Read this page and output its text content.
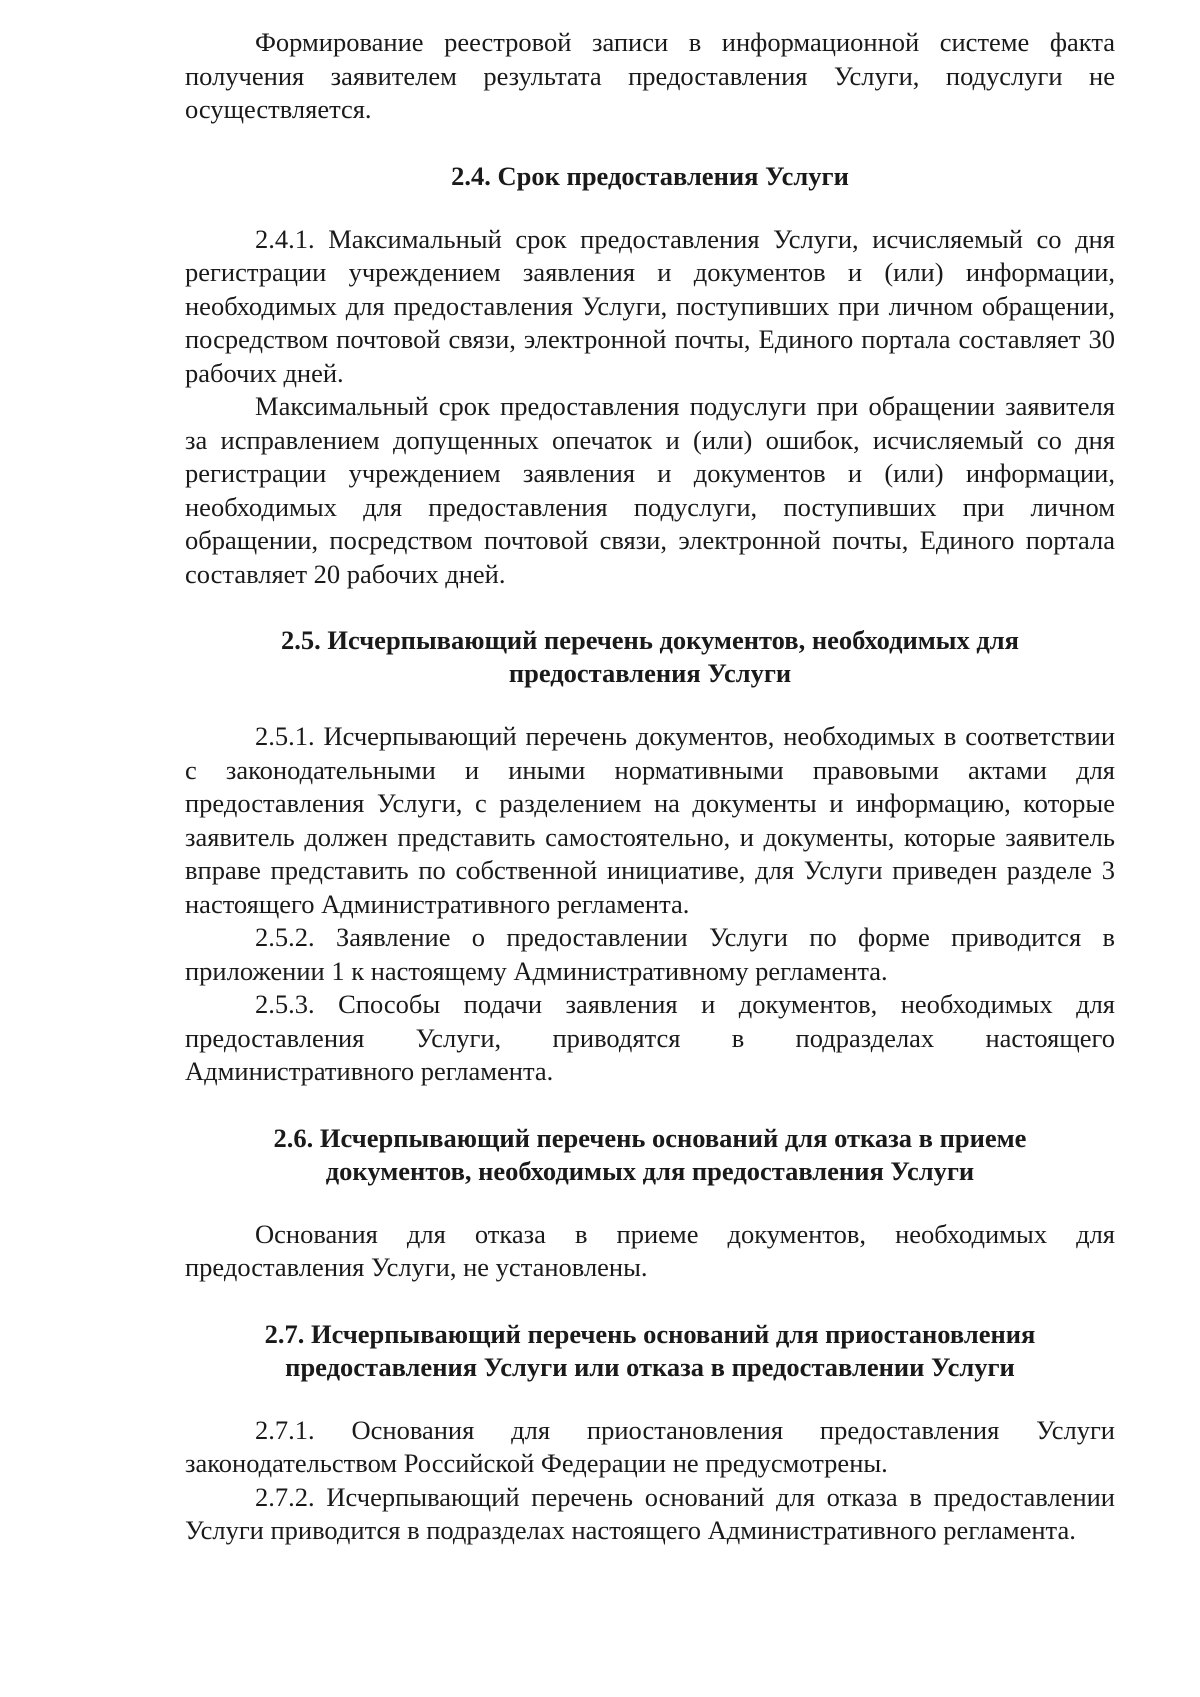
Формирование реестровой записи в информационной системе факта получения заявителем результата предоставления Услуги, подуслуги не осуществляется.

2.4. Срок предоставления Услуги

2.4.1. Максимальный срок предоставления Услуги, исчисляемый со дня регистрации учреждением заявления и документов и (или) информации, необходимых для предоставления Услуги, поступивших при личном обращении, посредством почтовой связи, электронной почты, Единого портала составляет 30 рабочих дней.

Максимальный срок предоставления подуслуги при обращении заявителя за исправлением допущенных опечаток и (или) ошибок, исчисляемый со дня регистрации учреждением заявления и документов и (или) информации, необходимых для предоставления подуслуги, поступивших при личном обращении, посредством почтовой связи, электронной почты, Единого портала составляет 20 рабочих дней.

2.5. Исчерпывающий перечень документов, необходимых для

предоставления Услуги

2.5.1. Исчерпывающий перечень документов, необходимых в соответствии с законодательными и иными нормативными правовыми актами для предоставления Услуги, с разделением на документы и информацию, которые заявитель должен представить самостоятельно, и документы, которые заявитель вправе представить по собственной инициативе, для Услуги приведен разделе 3 настоящего Административного регламента.

2.5.2. Заявление о предоставлении Услуги по форме приводится в приложении 1 к настоящему Административному регламента.

2.5.3. Способы подачи заявления и документов, необходимых для предоставления Услуги, приводятся в подразделах настоящего Административного регламента.

2.6. Исчерпывающий перечень оснований для отказа в приеме

документов, необходимых для предоставления Услуги

Основания для отказа в приеме документов, необходимых для предоставления Услуги, не установлены.

2.7. Исчерпывающий перечень оснований для приостановления

предоставления Услуги или отказа в предоставлении Услуги

2.7.1. Основания для приостановления предоставления Услуги законодательством Российской Федерации не предусмотрены.

2.7.2. Исчерпывающий перечень оснований для отказа в предоставлении Услуги приводится в подразделах настоящего Административного регламента.
